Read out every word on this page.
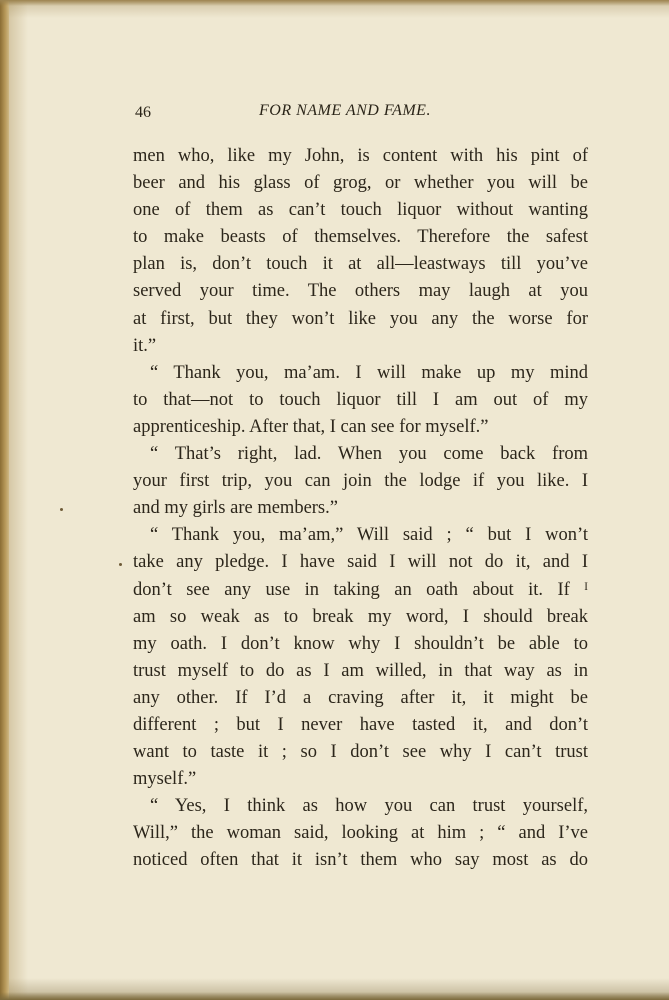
46	FOR NAME AND FAME.
men who, like my John, is content with his pint of
beer and his glass of grog, or whether you will be
one of them as can’t touch liquor without wanting
to make beasts of themselves. Therefore the safest
plan is, don’t touch it at all—leastways till you’ve
served your time. The others may laugh at you
at first, but they won’t like you any the worse for
it.”
“ Thank you, ma’am. I will make up my mind
to that—not to touch liquor till I am out of my
apprenticeship. After that, I can see for myself.”
“ That’s right, lad. When you come back from
your first trip, you can join the lodge if you like. I
and my girls are members.”
“ Thank you, ma’am,” Will said ; “ but I won’t
take any pledge. I have said I will not do it, and I
don’t see any use in taking an oath about it. If ᴵ
am so weak as to break my word, I should break
my oath. I don’t know why I shouldn’t be able to
trust myself to do as I am willed, in that way as in
any other. If I’d a craving after it, it might be
different ; but I never have tasted it, and don’t
want to taste it ; so I don’t see why I can’t trust
myself.”
“ Yes, I think as how you can trust yourself,
Will,” the woman said, looking at him ; “ and I’ve
noticed often that it isn’t them who say most as do
